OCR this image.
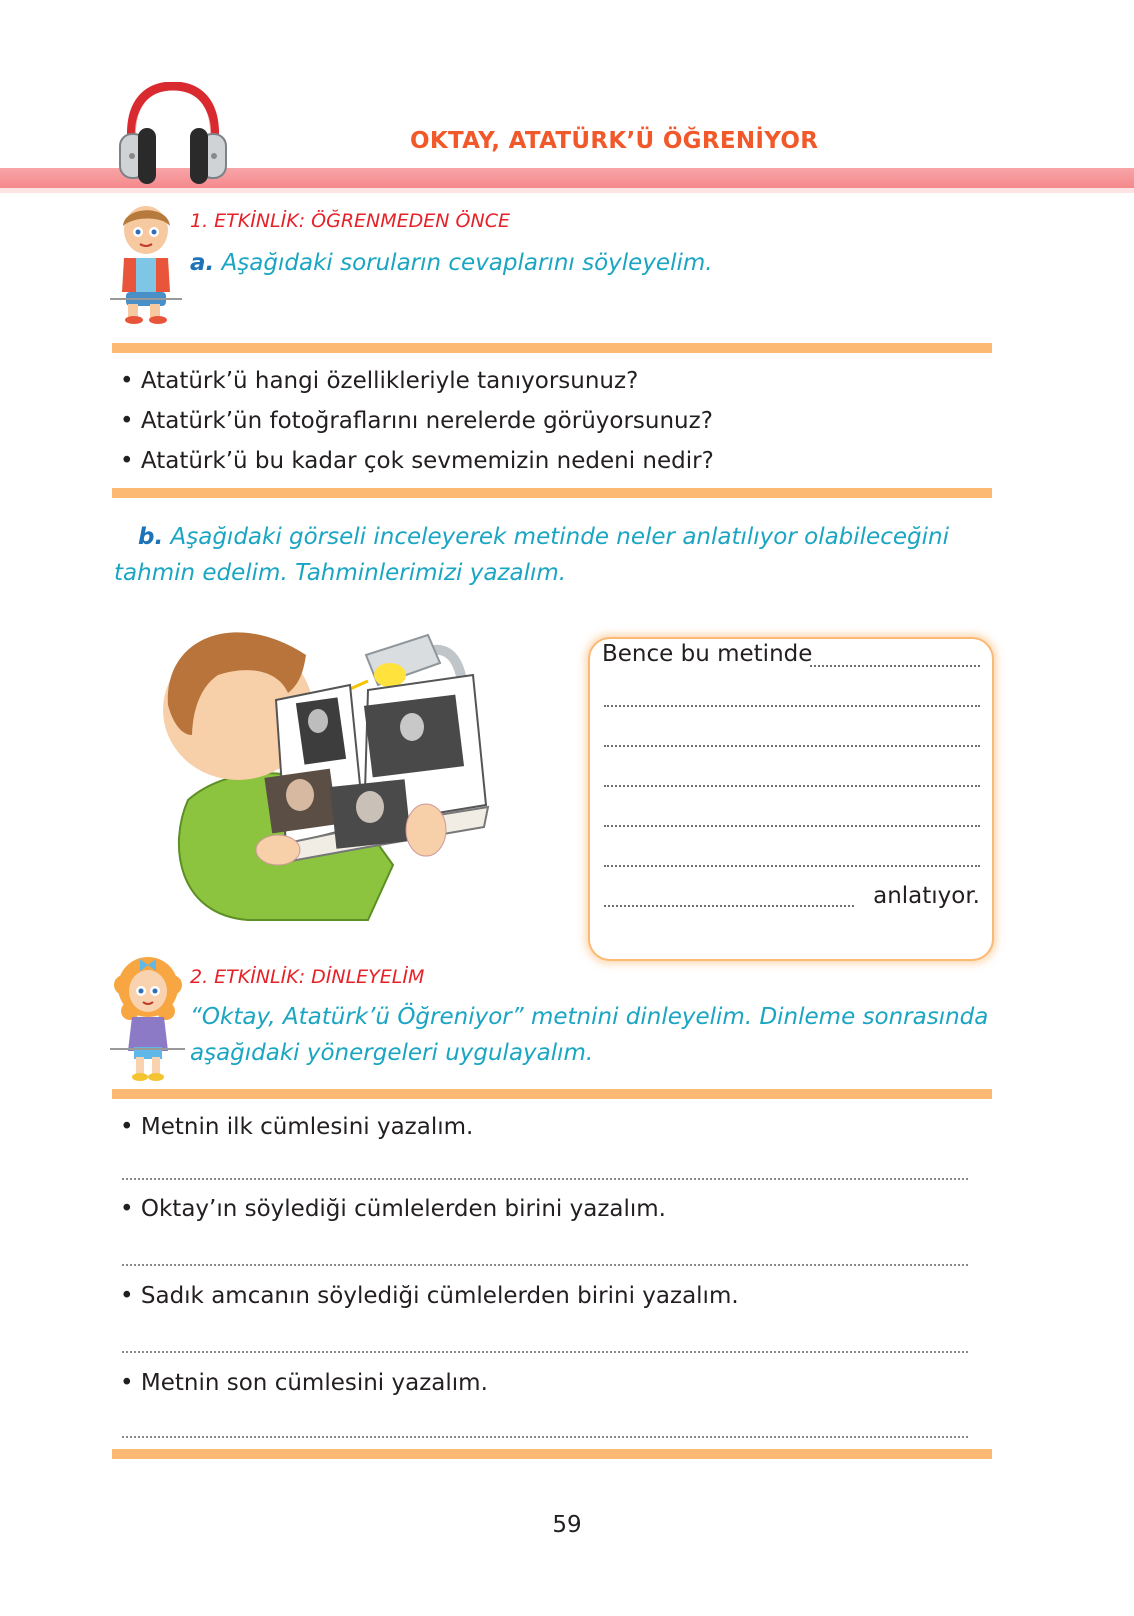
OKTAY, ATATÜRK’Ü ÖĞRENİYOR
1. ETKİNLİK: ÖĞRENMEDEN ÖNCE
a. Aşağıdaki soruların cevaplarını söyleyelim.
• Atatürk’ü hangi özellikleriyle tanıyorsunuz?
• Atatürk’ün fotoğraflarını nerelerde görüyorsunuz?
• Atatürk’ü bu kadar çok sevmemizin nedeni nedir?
b. Aşağıdaki görseli inceleyerek metinde neler anlatılıyor olabileceğini
tahmin edelim. Tahminlerimizi yazalım.
Bence bu metinde
anlatıyor.
2. ETKİNLİK: DİNLEYELİM
“Oktay, Atatürk’ü Öğreniyor” metnini dinleyelim. Dinleme sonrasında
aşağıdaki yönergeleri uygulayalım.
• Metnin ilk cümlesini yazalım.
• Oktay’ın söylediği cümlelerden birini yazalım.
• Sadık amcanın söylediği cümlelerden birini yazalım.
• Metnin son cümlesini yazalım.
59
